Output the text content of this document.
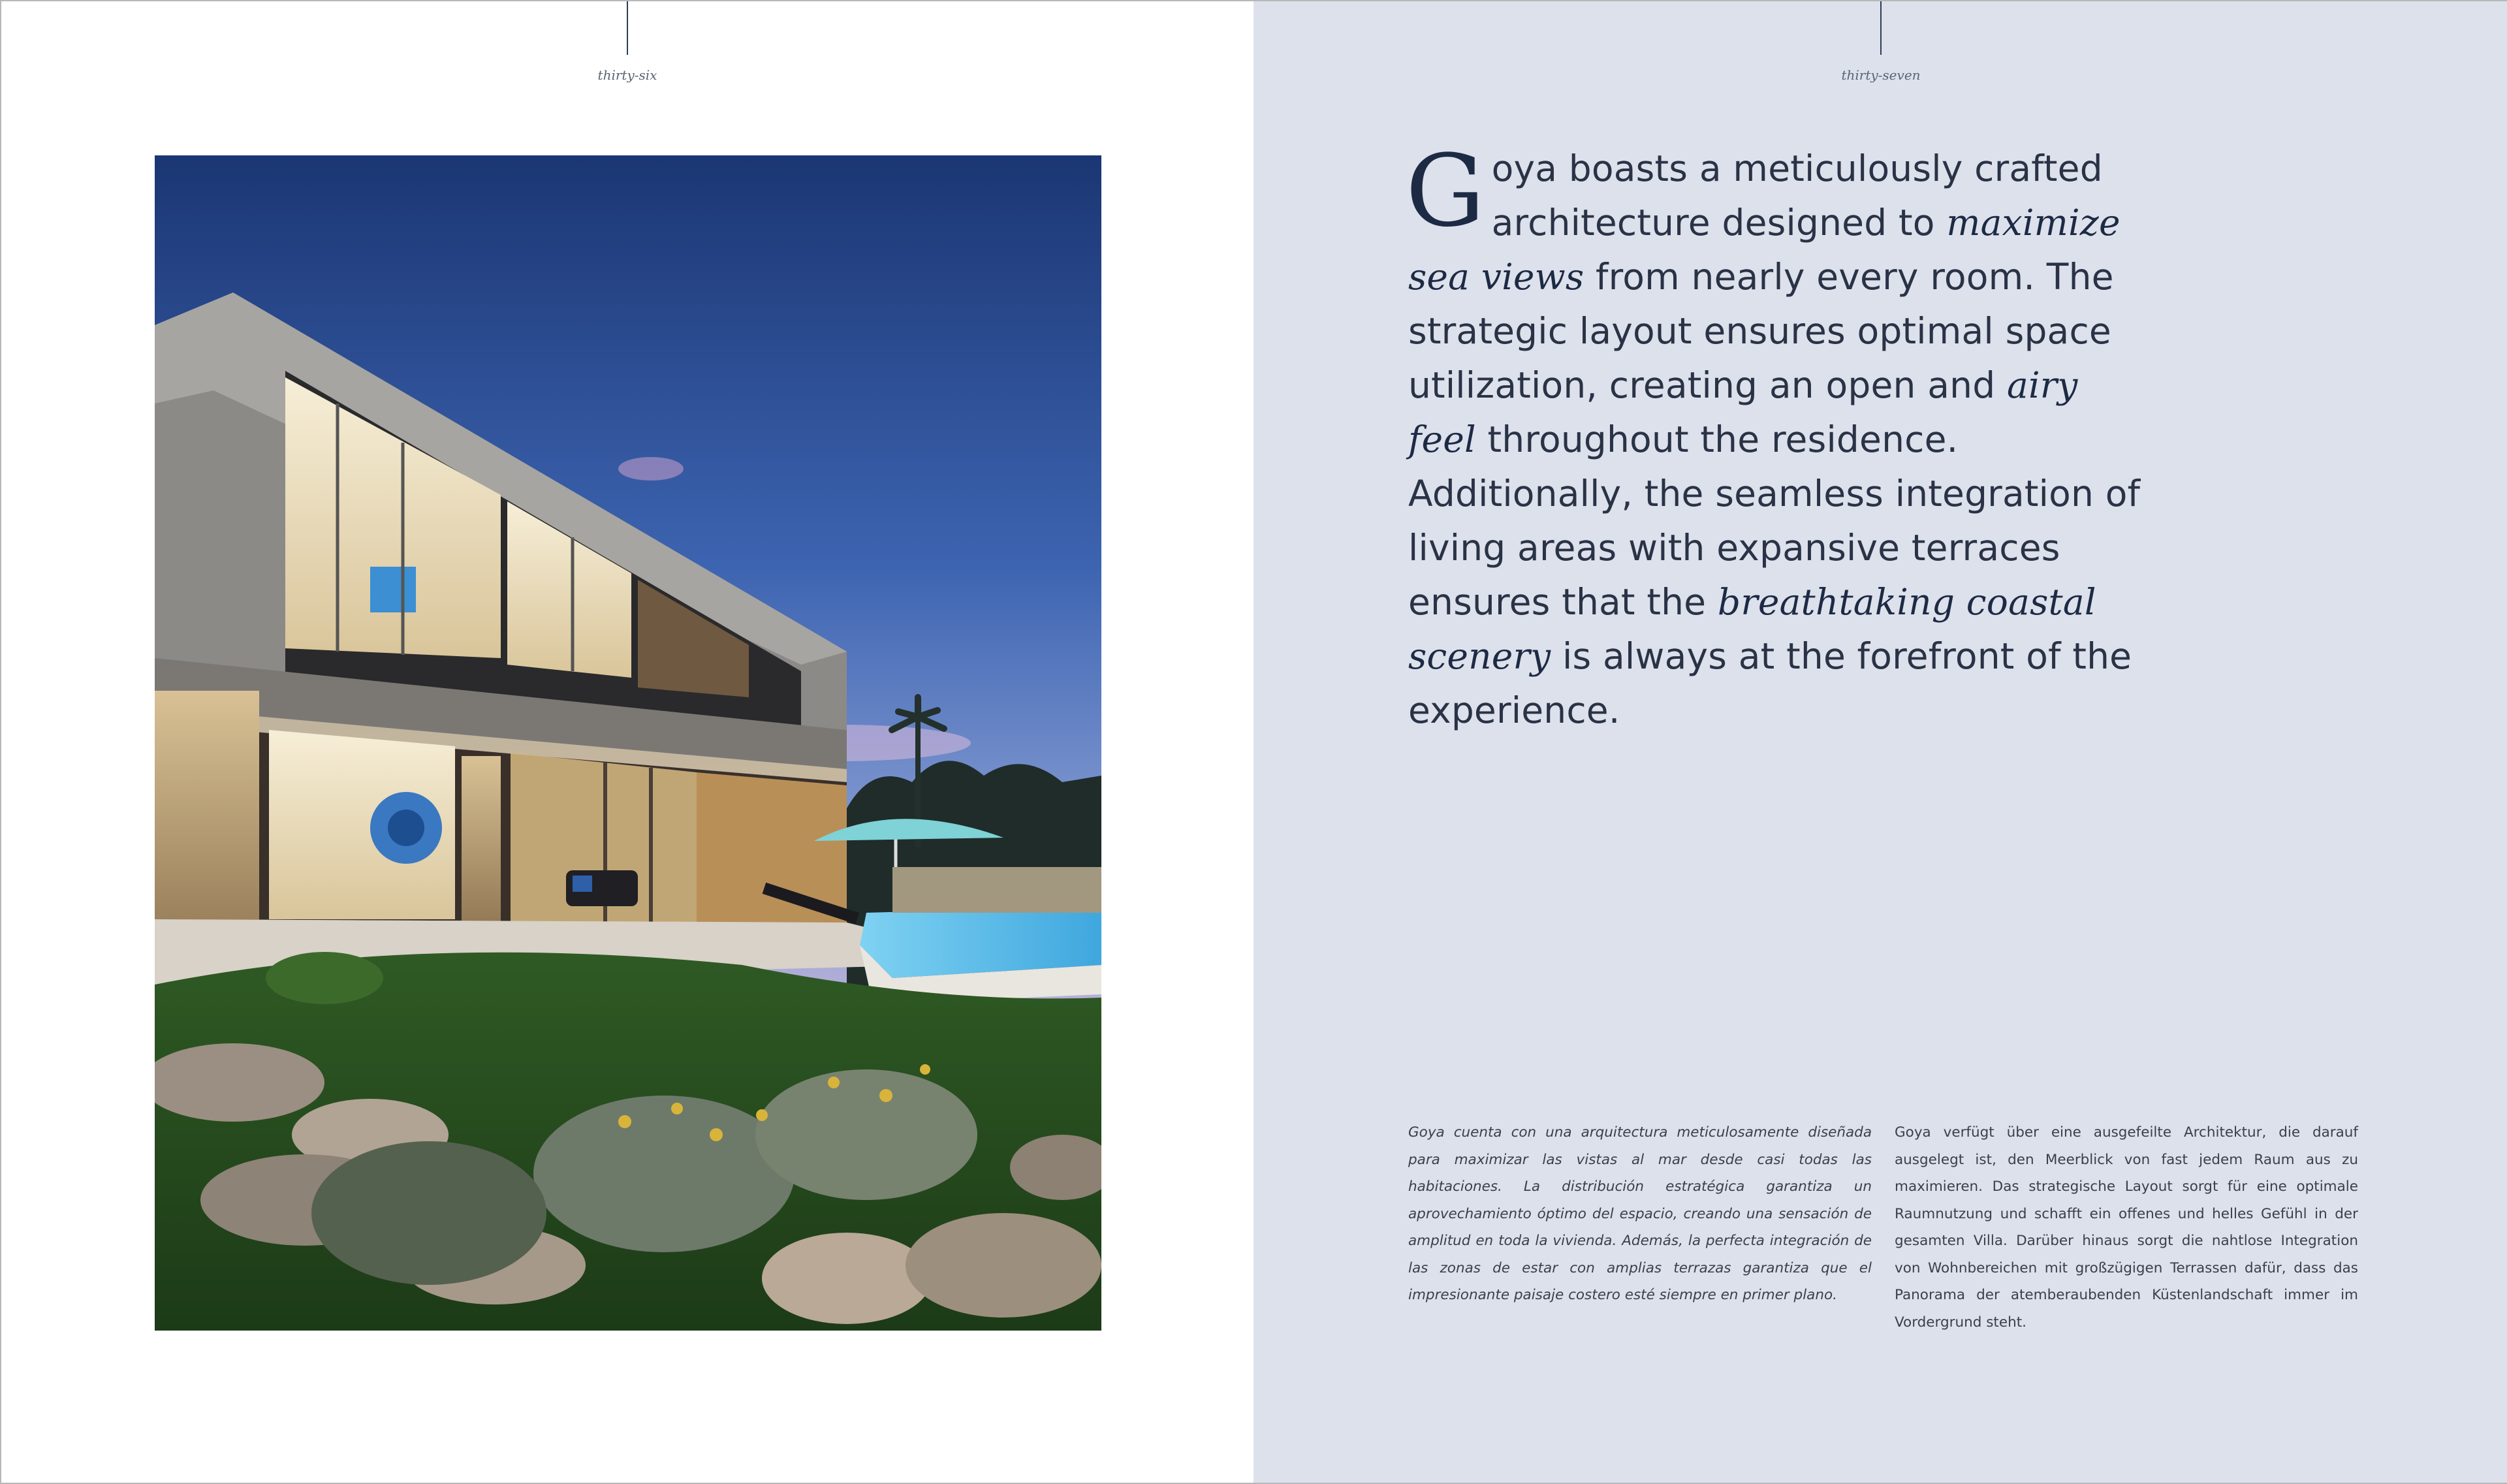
thirty-six	thirty-seven

Goya boasts a meticulously crafted architecture designed to maximize sea views from nearly every room. The strategic layout ensures optimal space utilization, creating an open and airy feel throughout the residence. Additionally, the seamless integration of living areas with expansive terraces ensures that the breathtaking coastal scenery is always at the forefront of the experience.

Goya cuenta con una arquitectura meticulosamente diseñada para maximizar las vistas al mar desde casi todas las habitaciones. La distribución estratégica garantiza un aprovechamiento óptimo del espacio, creando una sensación de amplitud en toda la vivienda. Además, la perfecta integración de las zonas de estar con amplias terrazas garantiza que el impresionante paisaje costero esté siempre en primer plano.

Goya verfügt über eine ausgefeilte Architektur, die darauf ausgelegt ist, den Meerblick von fast jedem Raum aus zu maximieren. Das strategische Layout sorgt für eine optimale Raumnutzung und schafft ein offenes und helles Gefühl in der gesamten Villa. Darüber hinaus sorgt die nahtlose Integration von Wohnbereichen mit großzügigen Terrassen dafür, dass das Panorama der atemberaubenden Küstenlandschaft immer im Vordergrund steht.
